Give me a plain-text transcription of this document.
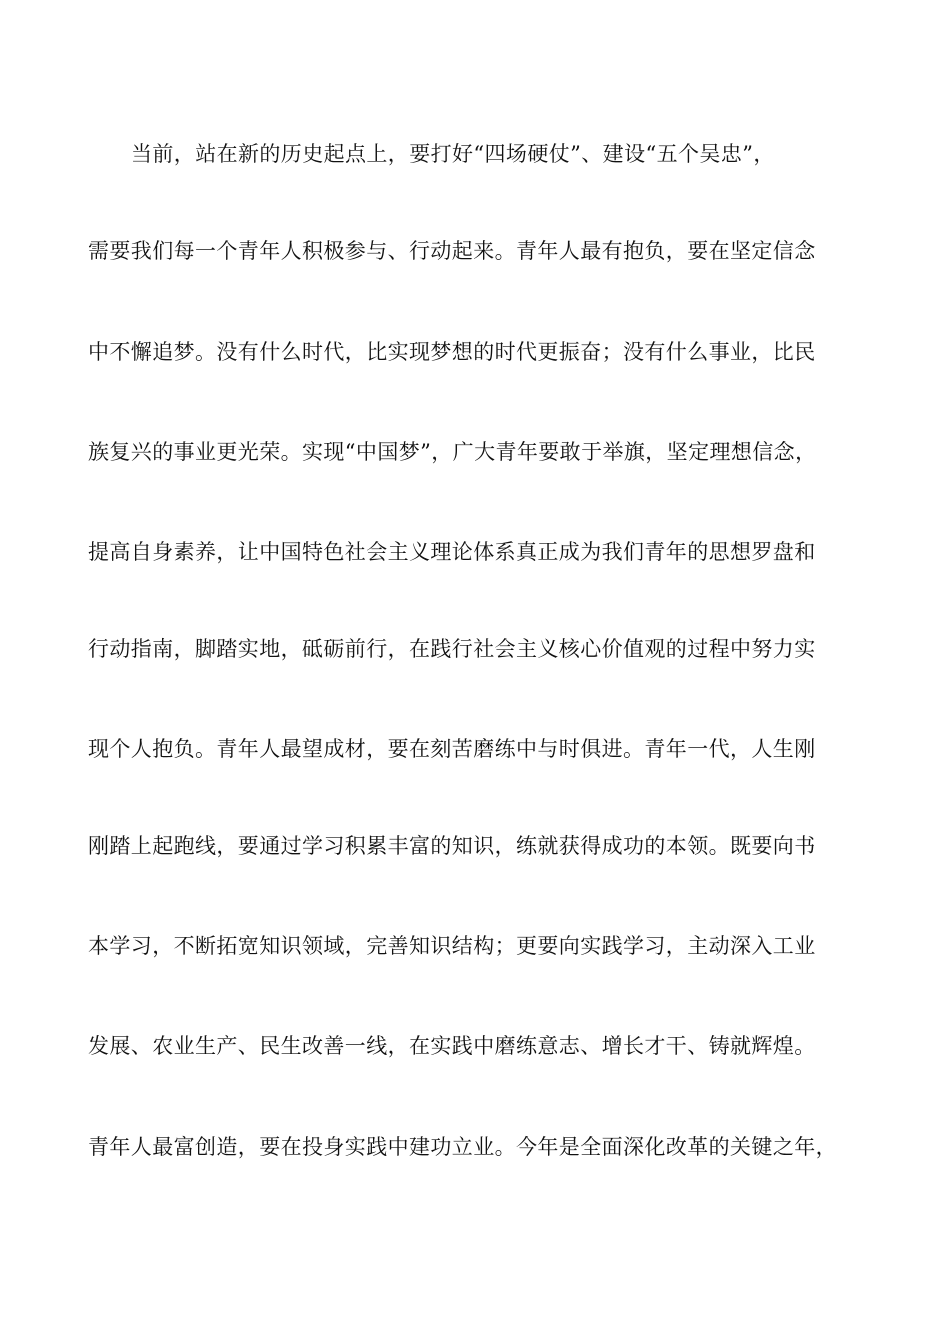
当前，站在新的历史起点上，要打好“四场硬仗”、建设“五个吴忠”，
需要我们每一个青年人积极参与、行动起来。青年人最有抱负，要在坚定信念
中不懈追梦。没有什么时代，比实现梦想的时代更振奋；没有什么事业，比民
族复兴的事业更光荣。实现“中国梦”，广大青年要敢于举旗，坚定理想信念，
提高自身素养，让中国特色社会主义理论体系真正成为我们青年的思想罗盘和
行动指南，脚踏实地，砥砺前行，在践行社会主义核心价值观的过程中努力实
现个人抱负。青年人最望成材，要在刻苦磨练中与时俱进。青年一代，人生刚
刚踏上起跑线，要通过学习积累丰富的知识，练就获得成功的本领。既要向书
本学习，不断拓宽知识领域，完善知识结构；更要向实践学习，主动深入工业
发展、农业生产、民生改善一线，在实践中磨练意志、增长才干、铸就辉煌。
青年人最富创造，要在投身实践中建功立业。今年是全面深化改革的关键之年，
